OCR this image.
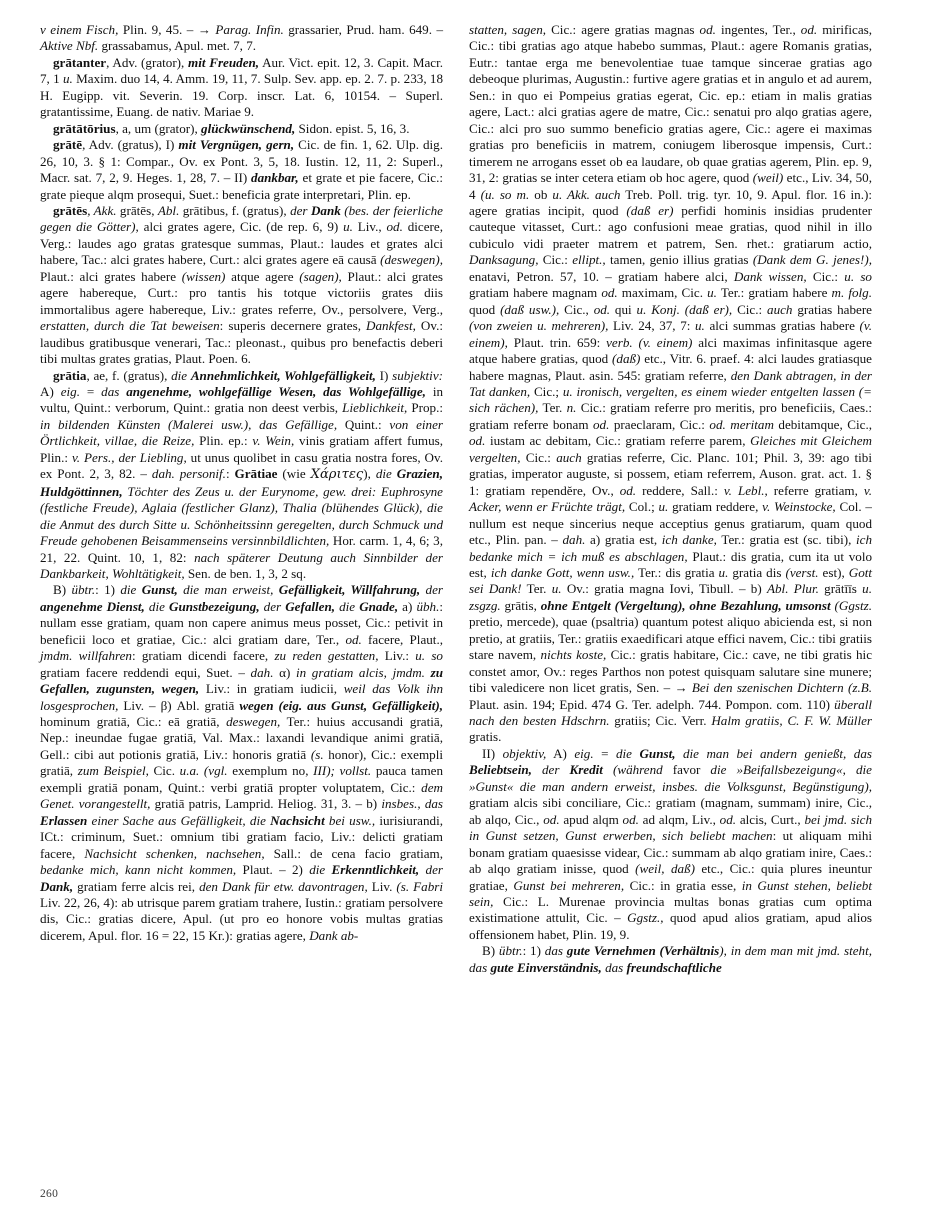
v einem Fisch, Plin. 9, 45. – → Parag. Infin. grassarier, Prud. ham. 649. – Aktive Nbf. grassabamus, Apul. met. 7, 7.

grātanter, Adv. (grator), mit Freuden, Aur. Vict. epit. 12, 3. Capit. Macr. 7, 1 u. Maxim. duo 14, 4. Amm. 19, 11, 7. Sulp. Sev. app. ep. 2. 7. p. 233, 18 H. Eugipp. vit. Severin. 19. Corp. inscr. Lat. 6, 10154. – Superl. gratantissime, Euang. de nativ. Mariae 9.

grātātōrius, a, um (grator), glückwünschend, Sidon. epist. 5, 16, 3.

grātē, Adv. (gratus), I) mit Vergnügen, gern, Cic. de fin. 1, 62. Ulp. dig. 26, 10, 3. § 1: Compar., Ov. ex Pont. 3, 5, 18. Iustin. 12, 11, 2: Superl., Macr. sat. 7, 2, 9. Heges. 1, 28, 7. – II) dankbar, et grate et pie facere, Cic.: grate pieque alqm prosequi, Suet.: beneficia grate interpretari, Plin. ep.

grātēs, Akk. grātēs, Abl. grātibus, f. (gratus), der Dank (bes. der feierliche gegen die Götter), alci grates agere, Cic. (de rep. 6, 9) u. Liv., od. dicere, Verg.: laudes ago gratas gratesque summas, Plaut.: laudes et grates alci habere, Tac.: alci grates habere, Curt.: alci grates agere eā causā (deswegen), Plaut.: alci grates habere (wissen) atque agere (sagen), Plaut.: alci grates agere habereque, Curt.: pro tantis his totque victoriis grates diis immortalibus agere habereque, Liv.: grates referre, Ov., persolvere, Verg., erstatten, durch die Tat beweisen: superis decernere grates, Dankfest, Ov.: laudibus gratibusque venerari, Tac.: pleonast., quibus pro benefactis deberi tibi multas grates gratias, Plaut. Poen. 6.

grātia, ae, f. (gratus), die Annehmlichkeit, Wohlgefälligkeit, I) subjektiv: A) eig. = das angenehme, wohlgefällige Wesen, das Wohlgefällige, in vultu, Quint.: verborum, Quint.: gratia non deest verbis, Lieblichkeit, Prop.: in bildenden Künsten (Malerei usw.), das Gefällige, Quint.: von einer Örtlichkeit, villae, die Reize, Plin. ep.: v. Wein, vinis gratiam affert fumus, Plin.: v. Pers., der Liebling, ut unus quolibet in casu gratia nostra fores, Ov. ex Pont. 2, 3, 82. – dah. personif.: Grātiae (wie Χάριτες), die Grazien, Huldgöttinnen, Töchter des Zeus u. der Eurynome, gew. drei: Euphrosyne (festliche Freude), Aglaia (festlicher Glanz), Thalia (blühendes Glück), die die Anmut des durch Sitte u. Schönheitssinn geregelten, durch Schmuck und Freude gehobenen Beisammenseins versinnbildlichten, Hor. carm. 1, 4, 6; 3, 21, 22. Quint. 10, 1, 82: nach späterer Deutung auch Sinnbilder der Dankbarkeit, Wohltätigkeit, Sen. de ben. 1, 3, 2 sq.

B) übtr.: 1) die Gunst, die man erweist, Gefälligkeit, Willfahrung, der angenehme Dienst, die Gunstbezeigung, der Gefallen, die Gnade, a) übh.: nullam esse gratiam, quam non capere animus meus posset, Cic.: petivit in beneficii loco et gratiae, Cic.: alci gratiam dare, Ter., od. facere, Plaut., jmdm. willfahren: gratiam dicendi facere, zu reden gestatten, Liv.: u. so gratiam facere reddendi equi, Suet. – dah. α) in gratiam alcis, jmdm. zu Gefallen, zugunsten, wegen, Liv.: in gratiam iudicii, weil das Volk ihn losgesprochen, Liv. – β) Abl. gratiā wegen (eig. aus Gunst, Gefälligkeit), hominum gratiā, Cic.: eā gratiā, deswegen, Ter.: huius accusandi gratiā, Nep.: ineundae fugae gratiā, Val. Max.: laxandi levandique animi gratiā, Gell.: cibi aut potionis gratiā, Liv.: honoris gratiā (s. honor), Cic.: exempli gratiā, zum Beispiel, Cic. u.a. (vgl. exemplum no, III); vollst. pauca tamen exempli gratiā ponam, Quint.: verbi gratiā propter voluptatem, Cic.: dem Genet. vorangestellt, gratiā patris, Lamprid. Heliog. 31, 3. – b) insbes., das Erlassen einer Sache aus Gefälligkeit, die Nachsicht bei usw., iurisiurandi, ICt.: criminum, Suet.: omnium tibi gratiam facio, Liv.: delicti gratiam facere, Nachsicht schenken, nachsehen, Sall.: de cena facio gratiam, bedanke mich, kann nicht kommen, Plaut. – 2) die Erkenntlichkeit, der Dank, gratiam ferre alcis rei, den Dank für etw. davontragen, Liv. (s. Fabri Liv. 22, 26, 4): ab utrisque parem gratiam trahere, Iustin.: gratiam persolvere dis, Cic.: gratias dicere, Apul. (ut pro eo honore vobis multas gratias dicerem, Apul. flor. 16 = 22, 15 Kr.): gratias agere, Dank ab-

statten, sagen, Cic.: agere gratias magnas od. ingentes, Ter., od. mirificas, Cic.: tibi gratias ago atque habebo summas, Plaut.: agere Romanis gratias, Eutr.: tantae erga me benevolentiae tuae tamque sincerae gratias ago debeoque plurimas, Augustin.: furtive agere gratias et in angulo et ad aurem, Sen.: in quo ei Pompeius gratias egerat, Cic. ep.: etiam in malis gratias agere, Lact.: alci gratias agere de matre, Cic.: senatui pro alqo gratias agere, Cic.: alci pro suo summo beneficio gratias agere, Cic.: agere ei maximas gratias pro beneficiis in matrem, coniugem liberosque impensis, Curt.: timerem ne arrogans esset ob ea laudare, ob quae gratias agerem, Plin. ep. 9, 31, 2: gratias se inter cetera etiam ob hoc agere, quod (weil) etc., Liv. 34, 50, 4 (u. so m. ob u. Akk. auch Treb. Poll. trig. tyr. 10, 9. Apul. flor. 16 in.): agere gratias incipit, quod (daß er) perfidi hominis insidias prudenter cauteque vitasset, Curt.: ago confusioni meae gratias, quod nihil in illo cubiculo vidi praeter matrem et patrem, Sen. rhet.: gratiarum actio, Danksagung, Cic.: ellipt., tamen, genio illius gratias (Dank dem G. jenes!), enatavi, Petron. 57, 10. – gratiam habere alci, Dank wissen, Cic.: u. so gratiam habere magnam od. maximam, Cic. u. Ter.: gratiam habere m. folg. quod (daß usw.), Cic., od. qui u. Konj. (daß er), Cic.: auch gratias habere (von zweien u. mehreren), Liv. 24, 37, 7: u. alci summas gratias habere (v. einem), Plaut. trin. 659: verb. (v. einem) alci maximas infinitasque agere atque habere gratias, quod (daß) etc., Vitr. 6. praef. 4: alci laudes gratiasque habere magnas, Plaut. asin. 545: gratiam referre, den Dank abtragen, in der Tat danken, Cic.; u. ironisch, vergelten, es einem wieder entgelten lassen (= sich rächen), Ter. n. Cic.: gratiam referre pro meritis, pro beneficiis, Caes.: gratiam referre bonam od. praeclaram, Cic.: od. meritam debitamque, Cic., od. iustam ac debitam, Cic.: gratiam referre parem, Gleiches mit Gleichem vergelten, Cic.: auch gratias referre, Cic. Planc. 101; Phil. 3, 39: ago tibi gratias, imperator auguste, si possem, etiam referrem, Auson. grat. act. 1. § 1: gratiam rependĕre, Ov., od. reddere, Sall.: v. Lebl., referre gratiam, v. Acker, wenn er Früchte trägt, Col.; u. gratiam reddere, v. Weinstocke, Col. – nullum est neque sincerius neque acceptius genus gratiarum, quam quod etc., Plin. pan. – dah. a) gratia est, ich danke, Ter.: gratia est (sc. tibi), ich bedanke mich = ich muß es abschlagen, Plaut.: dis gratia, cum ita ut volo est, ich danke Gott, wenn usw., Ter.: dis gratia u. gratia dis (verst. est), Gott sei Dank! Ter. u. Ov.: gratia magna Iovi, Tibull. – b) Abl. Plur. grātīīs u. zsgzg. grātis, ohne Entgelt (Vergeltung), ohne Bezahlung, umsonst (Ggstz. pretio, mercede), quae (psaltria) quantum potest aliquo abicienda est, si non pretio, at gratiis, Ter.: gratiis exaedificari atque effici navem, Cic.: tibi gratiis stare navem, nichts koste, Cic.: gratis habitare, Cic.: cave, ne tibi gratis hic constet amor, Ov.: reges Parthos non potest quisquam salutare sine munere; tibi valedicere non licet gratis, Sen. – → Bei den szenischen Dichtern (z.B. Plaut. asin. 194; Epid. 474 G. Ter. adelph. 744. Pompon. com. 110) überall nach den besten Hdschrn. gratiis; Cic. Verr. Halm gratiis, C. F. W. Müller gratis.

II) objektiv, A) eig. = die Gunst, die man bei andern genießt, das Beliebtsein, der Kredit (während favor die »Beifallsbezeigung«, die »Gunst« die man andern erweist, insbes. die Volksgunst, Begünstigung), gratiam alcis sibi conciliare, Cic.: gratiam (magnam, summam) inire, Cic., ab alqo, Cic., od. apud alqm od. ad alqm, Liv., od. alcis, Curt., bei jmd. sich in Gunst setzen, Gunst erwerben, sich beliebt machen: ut aliquam mihi bonam gratiam quaesisse videar, Cic.: summam ab alqo gratiam inire, Caes.: ab alqo gratiam inisse, quod (weil, daß) etc., Cic.: quia plures ineuntur gratiae, Gunst bei mehreren, Cic.: in gratia esse, in Gunst stehen, beliebt sein, Cic.: L. Murenae provincia multas bonas gratias cum optima existimatione attulit, Cic. – Ggstz., quod apud alios gratiam, apud alios offensionem habet, Plin. 19, 9.

B) übtr.: 1) das gute Vernehmen (Verhältnis), in dem man mit jmd. steht, das gute Einverständnis, das freundschaftliche

260
